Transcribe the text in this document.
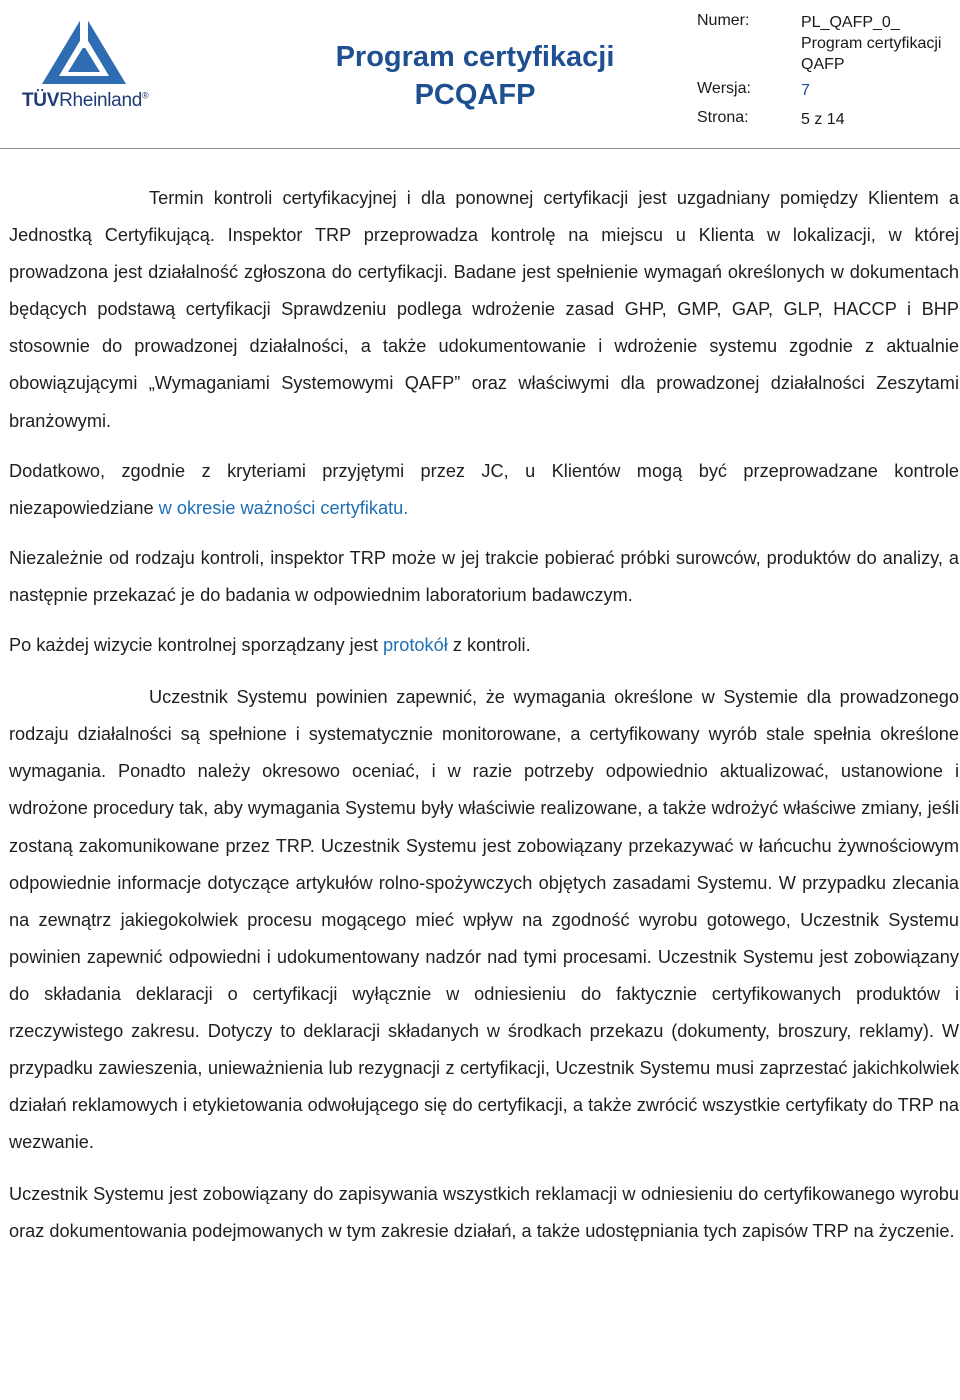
TÜVRheinland®
Program certyfikacji
PCQAFP
Numer:	PL_QAFP_0_ Program certyfikacji QAFP
Wersja:	7
Strona:	5 z 14

Termin kontroli certyfikacyjnej i dla ponownej certyfikacji jest uzgadniany pomiędzy Klientem a Jednostką Certyfikującą. Inspektor TRP przeprowadza kontrolę na miejscu u Klienta w lokalizacji, w której prowadzona jest działalność zgłoszona do certyfikacji. Badane jest spełnienie wymagań określonych w dokumentach będących podstawą certyfikacji Sprawdzeniu podlega wdrożenie zasad GHP, GMP, GAP, GLP, HACCP i BHP stosownie do prowadzonej działalności, a także udokumentowanie i wdrożenie systemu zgodnie z aktualnie obowiązującymi „Wymaganiami Systemowymi QAFP” oraz właściwymi dla prowadzonej działalności Zeszytami branżowymi.

Dodatkowo, zgodnie z kryteriami przyjętymi przez JC, u Klientów mogą być przeprowadzane kontrole niezapowiedziane w okresie ważności certyfikatu.

Niezależnie od rodzaju kontroli, inspektor TRP może w jej trakcie pobierać próbki surowców, produktów do analizy, a następnie przekazać je do badania w odpowiednim laboratorium badawczym.

Po każdej wizycie kontrolnej sporządzany jest protokół z kontroli.

Uczestnik Systemu powinien zapewnić, że wymagania określone w Systemie dla prowadzonego rodzaju działalności są spełnione i systematycznie monitorowane, a certyfikowany wyrób stale spełnia określone wymagania. Ponadto należy okresowo oceniać, i w razie potrzeby odpowiednio aktualizować, ustanowione i wdrożone procedury tak, aby wymagania Systemu były właściwie realizowane, a także wdrożyć właściwe zmiany, jeśli zostaną zakomunikowane przez TRP. Uczestnik Systemu jest zobowiązany przekazywać w łańcuchu żywnościowym odpowiednie informacje dotyczące artykułów rolno-spożywczych objętych zasadami Systemu. W przypadku zlecania na zewnątrz jakiegokolwiek procesu mogącego mieć wpływ na zgodność wyrobu gotowego, Uczestnik Systemu powinien zapewnić odpowiedni i udokumentowany nadzór nad tymi procesami. Uczestnik Systemu jest zobowiązany do składania deklaracji o certyfikacji wyłącznie w odniesieniu do faktycznie certyfikowanych produktów i rzeczywistego zakresu. Dotyczy to deklaracji składanych w środkach przekazu (dokumenty, broszury, reklamy). W przypadku zawieszenia, unieważnienia lub rezygnacji z certyfikacji, Uczestnik Systemu musi zaprzestać jakichkolwiek działań reklamowych i etykietowania odwołującego się do certyfikacji, a także zwrócić wszystkie certyfikaty do TRP na wezwanie.

Uczestnik Systemu jest zobowiązany do zapisywania wszystkich reklamacji w odniesieniu do certyfikowanego wyrobu oraz dokumentowania podejmowanych w tym zakresie działań, a także udostępniania tych zapisów TRP na życzenie.
